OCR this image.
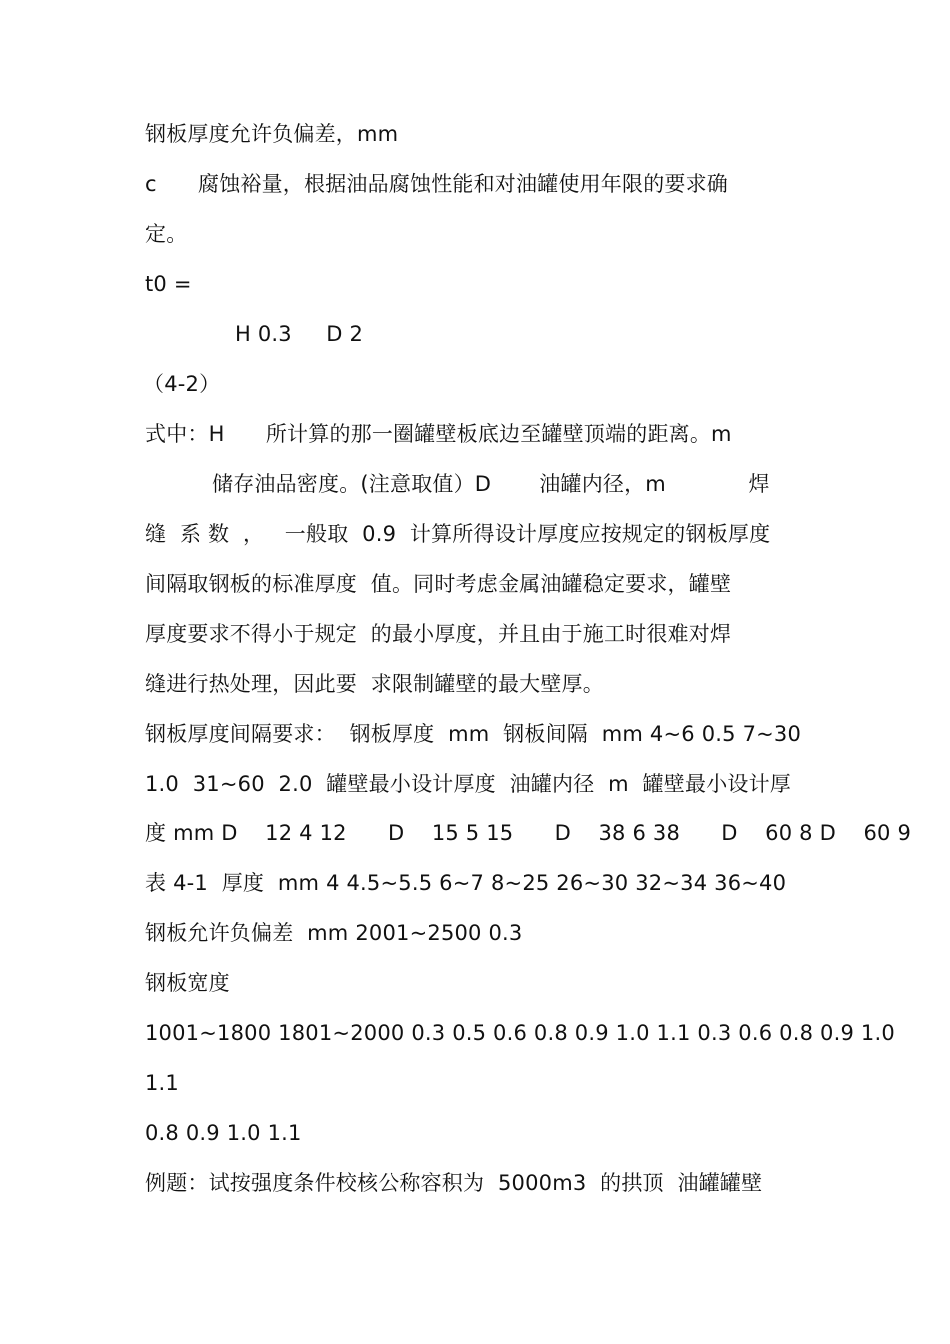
钢板厚度允许负偏差，mm
c      腐蚀裕量，根据油品腐蚀性能和对油罐使用年限的要求确
定。
t0 =
H 0.3     D 2
（4-2）
式中：H      所计算的那一圈罐壁板底边至罐壁顶端的距离。m
储存油品密度。(注意取值）D       油罐内径，m            焊
缝  系 数  ，   一般取  0.9  计算所得设计厚度应按规定的钢板厚度
间隔取钢板的标准厚度  值。同时考虑金属油罐稳定要求，罐壁
厚度要求不得小于规定  的最小厚度，并且由于施工时很难对焊
缝进行热处理，因此要  求限制罐壁的最大壁厚。
钢板厚度间隔要求：  钢板厚度  mm  钢板间隔  mm 4~6 0.5 7~30
1.0  31~60  2.0  罐壁最小设计厚度  油罐内径  m  罐壁最小设计厚
度 mm D    12 4 12      D    15 5 15      D    38 6 38      D    60 8 D    60 9
表 4-1  厚度  mm 4 4.5~5.5 6~7 8~25 26~30 32~34 36~40
钢板允许负偏差  mm 2001~2500 0.3
钢板宽度
1001~1800 1801~2000 0.3 0.5 0.6 0.8 0.9 1.0 1.1 0.3 0.6 0.8 0.9 1.0
1.1
0.8 0.9 1.0 1.1
例题：试按强度条件校核公称容积为  5000m3  的拱顶  油罐罐壁
